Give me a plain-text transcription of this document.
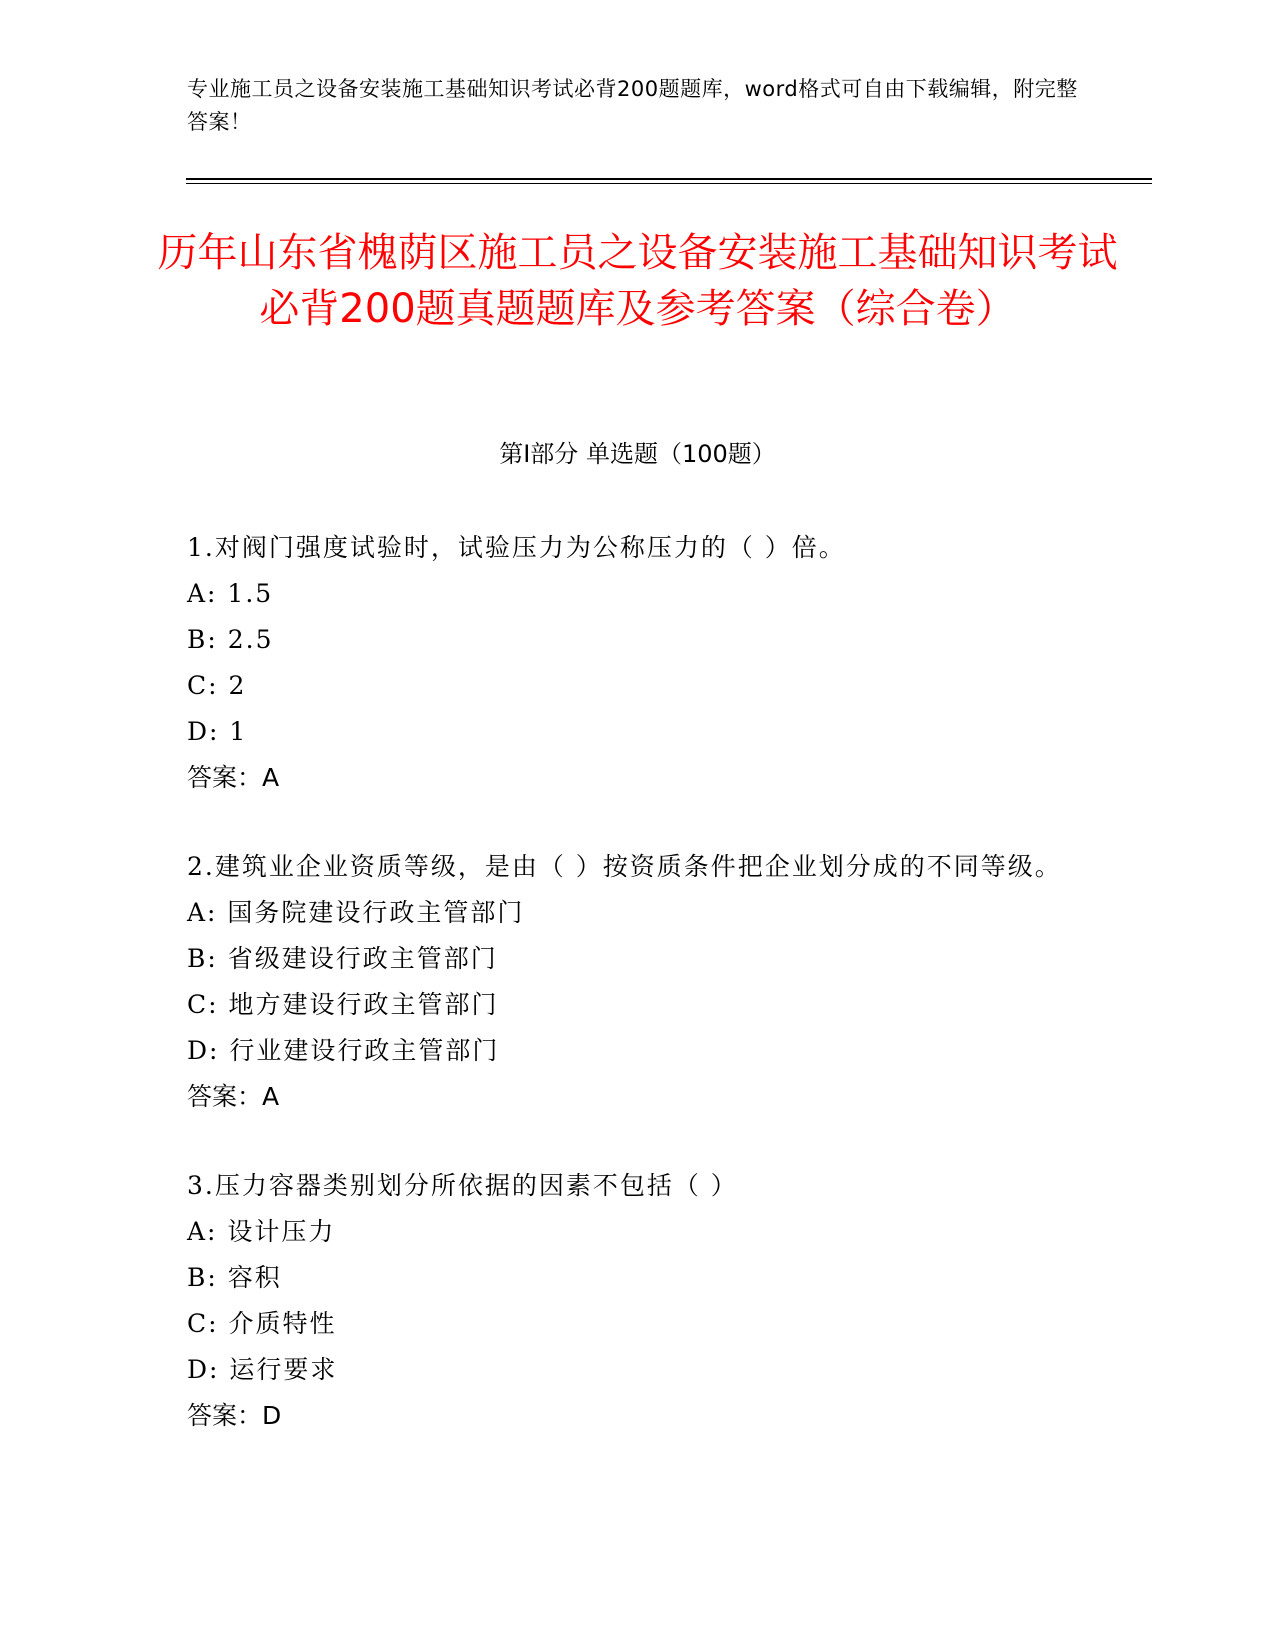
专业施工员之设备安装施工基础知识考试必背200题题库，word格式可自由下载编辑，附完整答案！
历年山东省槐荫区施工员之设备安装施工基础知识考试必背200题真题题库及参考答案（综合卷）
第I部分 单选题（100题）
1.对阀门强度试验时，试验压力为公称压力的（ ）倍。
A: 1.5
B: 2.5
C: 2
D: 1
答案：A
2.建筑业企业资质等级，是由（ ）按资质条件把企业划分成的不同等级。
A: 国务院建设行政主管部门
B: 省级建设行政主管部门
C: 地方建设行政主管部门
D: 行业建设行政主管部门
答案：A
3.压力容器类别划分所依据的因素不包括（ ）
A: 设计压力
B: 容积
C: 介质特性
D: 运行要求
答案：D
